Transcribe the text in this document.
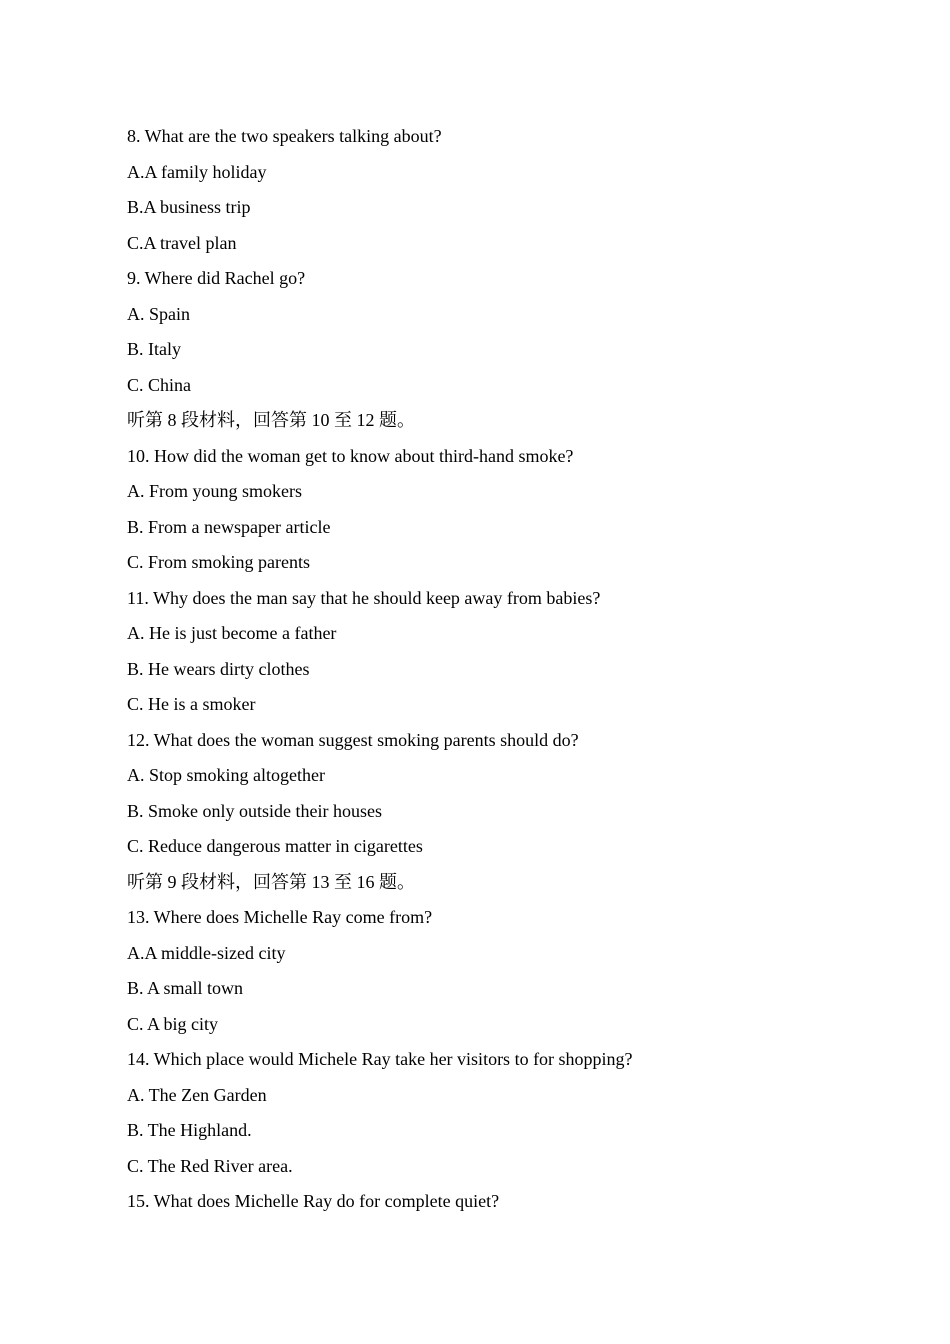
8. What are the two speakers talking about?
A.A family holiday
B.A business trip
C.A travel plan
9. Where did Rachel go?
A. Spain
B. Italy
C. China
听第 8 段材料，回答第 10 至 12 题。
10. How did the woman get to know about third-hand smoke?
A. From young smokers
B. From a newspaper article
C. From smoking parents
11. Why does the man say that he should keep away from babies?
A. He is just become a father
B. He wears dirty clothes
C. He is a smoker
12. What does the woman suggest smoking parents should do?
A. Stop smoking altogether
B. Smoke only outside their houses
C. Reduce dangerous matter in cigarettes
听第 9 段材料，回答第 13 至 16 题。
13. Where does Michelle Ray come from?
A.A middle-sized city
B. A small town
C. A big city
14. Which place would Michele Ray take her visitors to for shopping?
A. The Zen Garden
B. The Highland.
C. The Red River area.
15. What does Michelle Ray do for complete quiet?
